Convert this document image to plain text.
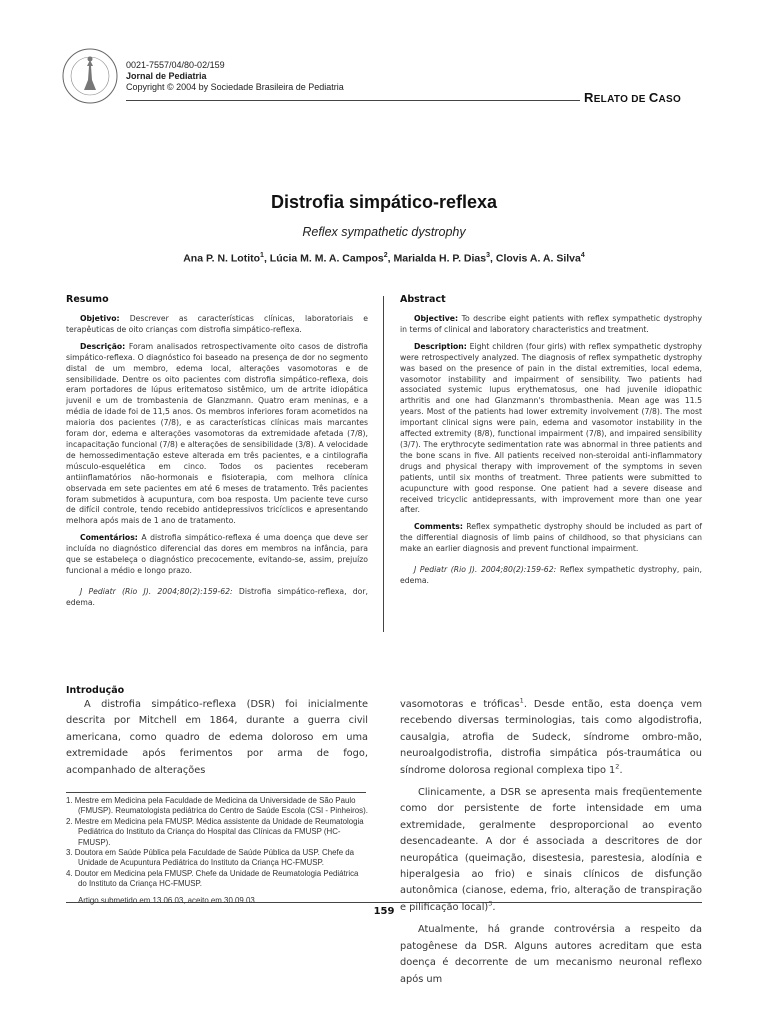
0021-7557/04/80-02/159
Jornal de Pediatria
Copyright © 2004 by Sociedade Brasileira de Pediatria
RELATO DE CASO
Distrofia simpático-reflexa
Reflex sympathetic dystrophy
Ana P. N. Lotito$^1$, Lúcia M. M. A. Campos$^2$, Marialda H. P. Dias$^3$, Clovis A. A. Silva$^4$
Resumo

Objetivo: Descrever as características clínicas, laboratoriais e terapêuticas de oito crianças com distrofia simpático-reflexa.

Descrição: Foram analisados retrospectivamente oito casos de distrofia simpático-reflexa. O diagnóstico foi baseado na presença de dor no segmento distal de um membro, edema local, alterações vasomotoras e de sensibilidade. Dentre os oito pacientes com distrofia simpático-reflexa, dois eram portadores de lúpus eritematoso sistêmico, um de artrite idiopática juvenil e um de trombastenia de Glanzmann. Quatro eram meninas, e a média de idade foi de 11,5 anos. Os membros inferiores foram acometidos na maioria dos pacientes (7/8), e as características clínicas mais marcantes foram dor, edema e alterações vasomotoras da extremidade afetada (7/8), incapacitação funcional (7/8) e alterações de sensibilidade (3/8). A velocidade de hemossedimentação esteve alterada em três pacientes, e a cintilografia músculo-esquelética em cinco. Todos os pacientes receberam antiinflamatórios não-hormonais e fisioterapia, com melhora clínica observada em sete pacientes em até 6 meses de tratamento. Três pacientes foram submetidos à acupuntura, com boa resposta. Um paciente teve curso de difícil controle, tendo recebido antidepressivos tricíclicos e apresentando melhora após mais de 1 ano de tratamento.

Comentários: A distrofia simpático-reflexa é uma doença que deve ser incluída no diagnóstico diferencial das dores em membros na infância, para que se estabeleça o diagnóstico precocemente, evitando-se, assim, prejuízo funcional a médio e longo prazo.

J Pediatr (Rio J). 2004;80(2):159-62: Distrofia simpático-reflexa, dor, edema.

Abstract

Objective: To describe eight patients with reflex sympathetic dystrophy in terms of clinical and laboratory characteristics and treatment.

Description: Eight children (four girls) with reflex sympathetic dystrophy were retrospectively analyzed. The diagnosis of reflex sympathetic dystrophy was based on the presence of pain in the distal extremities, local edema, vasomotor instability and impairment of sensibility. Two patients had associated systemic lupus erythematosus, one had juvenile idiopathic arthritis and one had Glanzmann's thrombasthenia. Mean age was 11.5 years. Most of the patients had lower extremity involvement (7/8). The most important clinical signs were pain, edema and vasomotor instability in the affected extremity (8/8), functional impairment (7/8), and impaired sensibility (3/7). The erythrocyte sedimentation rate was abnormal in three patients and the bone scans in five. All patients received non-steroidal anti-inflammatory drugs and physical therapy with improvement of the symptoms in seven patients, until six months of treatment. Three patients were submitted to acupuncture with good response. One patient had a severe disease and received tricyclic antidepressants, with improvement more than one year after.

Comments: Reflex sympathetic dystrophy should be included as part of the differential diagnosis of limb pains of childhood, so that physicians can make an earlier diagnosis and prevent functional impairment.

J Pediatr (Rio J). 2004;80(2):159-62: Reflex sympathetic dystrophy, pain, edema.

Introdução

A distrofia simpático-reflexa (DSR) foi inicialmente descrita por Mitchell em 1864, durante a guerra civil americana, como quadro de edema doloroso em uma extremidade após ferimentos por arma de fogo, acompanhado de alterações

vasomotoras e tróficas$^1$. Desde então, esta doença vem recebendo diversas terminologias, tais como algodistrofia, causalgia, atrofia de Sudeck, síndrome ombro-mão, neuroalgodistrofia, distrofia simpática pós-traumática ou síndrome dolorosa regional complexa tipo $1^2$.

Clinicamente, a DSR se apresenta mais freqüentemente como dor persistente de forte intensidade em uma extremidade, geralmente desproporcional ao evento desencadeante. A dor é associada a descritores de dor neuropática (queimação, disestesia, parestesia, alodínia e hiperalgesia ao frio) e sinais clínicos de disfunção autonômica (cianose, edema, frio, alteração de transpiração e pilificação local)$^3$.

Atualmente, há grande controvérsia a respeito da patogênese da DSR. Alguns autores acreditam que esta doença é decorrente de um mecanismo neuronal reflexo após um

1. Mestre em Medicina pela Faculdade de Medicina da Universidade de São Paulo (FMUSP). Reumatologista pediátrica do Centro de Saúde Escola (CSI - Pinheiros).

2. Mestre em Medicina pela FMUSP. Médica assistente da Unidade de Reumatologia Pediátrica do Instituto da Criança do Hospital das Clínicas da FMUSP (HC-FMUSP).

3. Doutora em Saúde Pública pela Faculdade de Saúde Pública da USP. Chefe da Unidade de Acupuntura Pediátrica do Instituto da Criança HC-FMUSP.

4. Doutor em Medicina pela FMUSP. Chefe da Unidade de Reumatologia Pediátrica do Instituto da Criança HC-FMUSP.

Artigo submetido em 13.06.03, aceito em 30.09.03.
159
